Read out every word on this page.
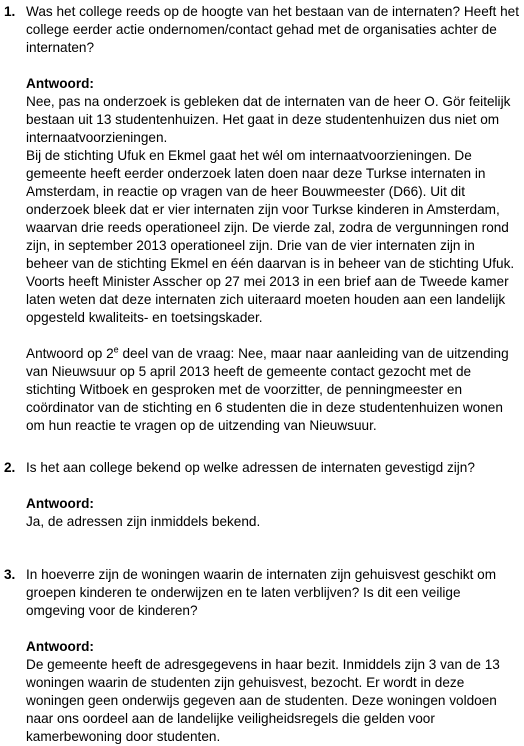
1. Was het college reeds op de hoogte van het bestaan van de internaten? Heeft het college eerder actie ondernomen/contact gehad met de organisaties achter de internaten?

Antwoord:

Nee, pas na onderzoek is gebleken dat de internaten van de heer O. Gör feitelijk bestaan uit 13 studentenhuizen. Het gaat in deze studentenhuizen dus niet om internaatvoorzieningen.

Bij de stichting Ufuk en Ekmel gaat het wél om internaatvoorzieningen. De gemeente heeft eerder onderzoek laten doen naar deze Turkse internaten in Amsterdam, in reactie op vragen van de heer Bouwmeester (D66). Uit dit onderzoek bleek dat er vier internaten zijn voor Turkse kinderen in Amsterdam, waarvan drie reeds operationeel zijn. De vierde zal, zodra de vergunningen rond zijn, in september 2013 operationeel zijn. Drie van de vier internaten zijn in beheer van de stichting Ekmel en één daarvan is in beheer van de stichting Ufuk. Voorts heeft Minister Asscher op 27 mei 2013 in een brief aan de Tweede kamer laten weten dat deze internaten zich uiteraard moeten houden aan een landelijk opgesteld kwaliteits- en toetsingskader.

Antwoord op 2e deel van de vraag: Nee, maar naar aanleiding van de uitzending van Nieuwsuur op 5 april 2013 heeft de gemeente contact gezocht met de stichting Witboek en gesproken met de voorzitter, de penningmeester en coördinator van de stichting en 6 studenten die in deze studentenhuizen wonen om hun reactie te vragen op de uitzending van Nieuwsuur.

2. Is het aan college bekend op welke adressen de internaten gevestigd zijn?

Antwoord:

Ja, de adressen zijn inmiddels bekend.

3. In hoeverre zijn de woningen waarin de internaten zijn gehuisvest geschikt om groepen kinderen te onderwijzen en te laten verblijven? Is dit een veilige omgeving voor de kinderen?

Antwoord:

De gemeente heeft de adresgegevens in haar bezit. Inmiddels zijn 3 van de 13 woningen waarin de studenten zijn gehuisvest, bezocht. Er wordt in deze woningen geen onderwijs gegeven aan de studenten. Deze woningen voldoen naar ons oordeel aan de landelijke veiligheidsregels die gelden voor kamerbewoning door studenten.
